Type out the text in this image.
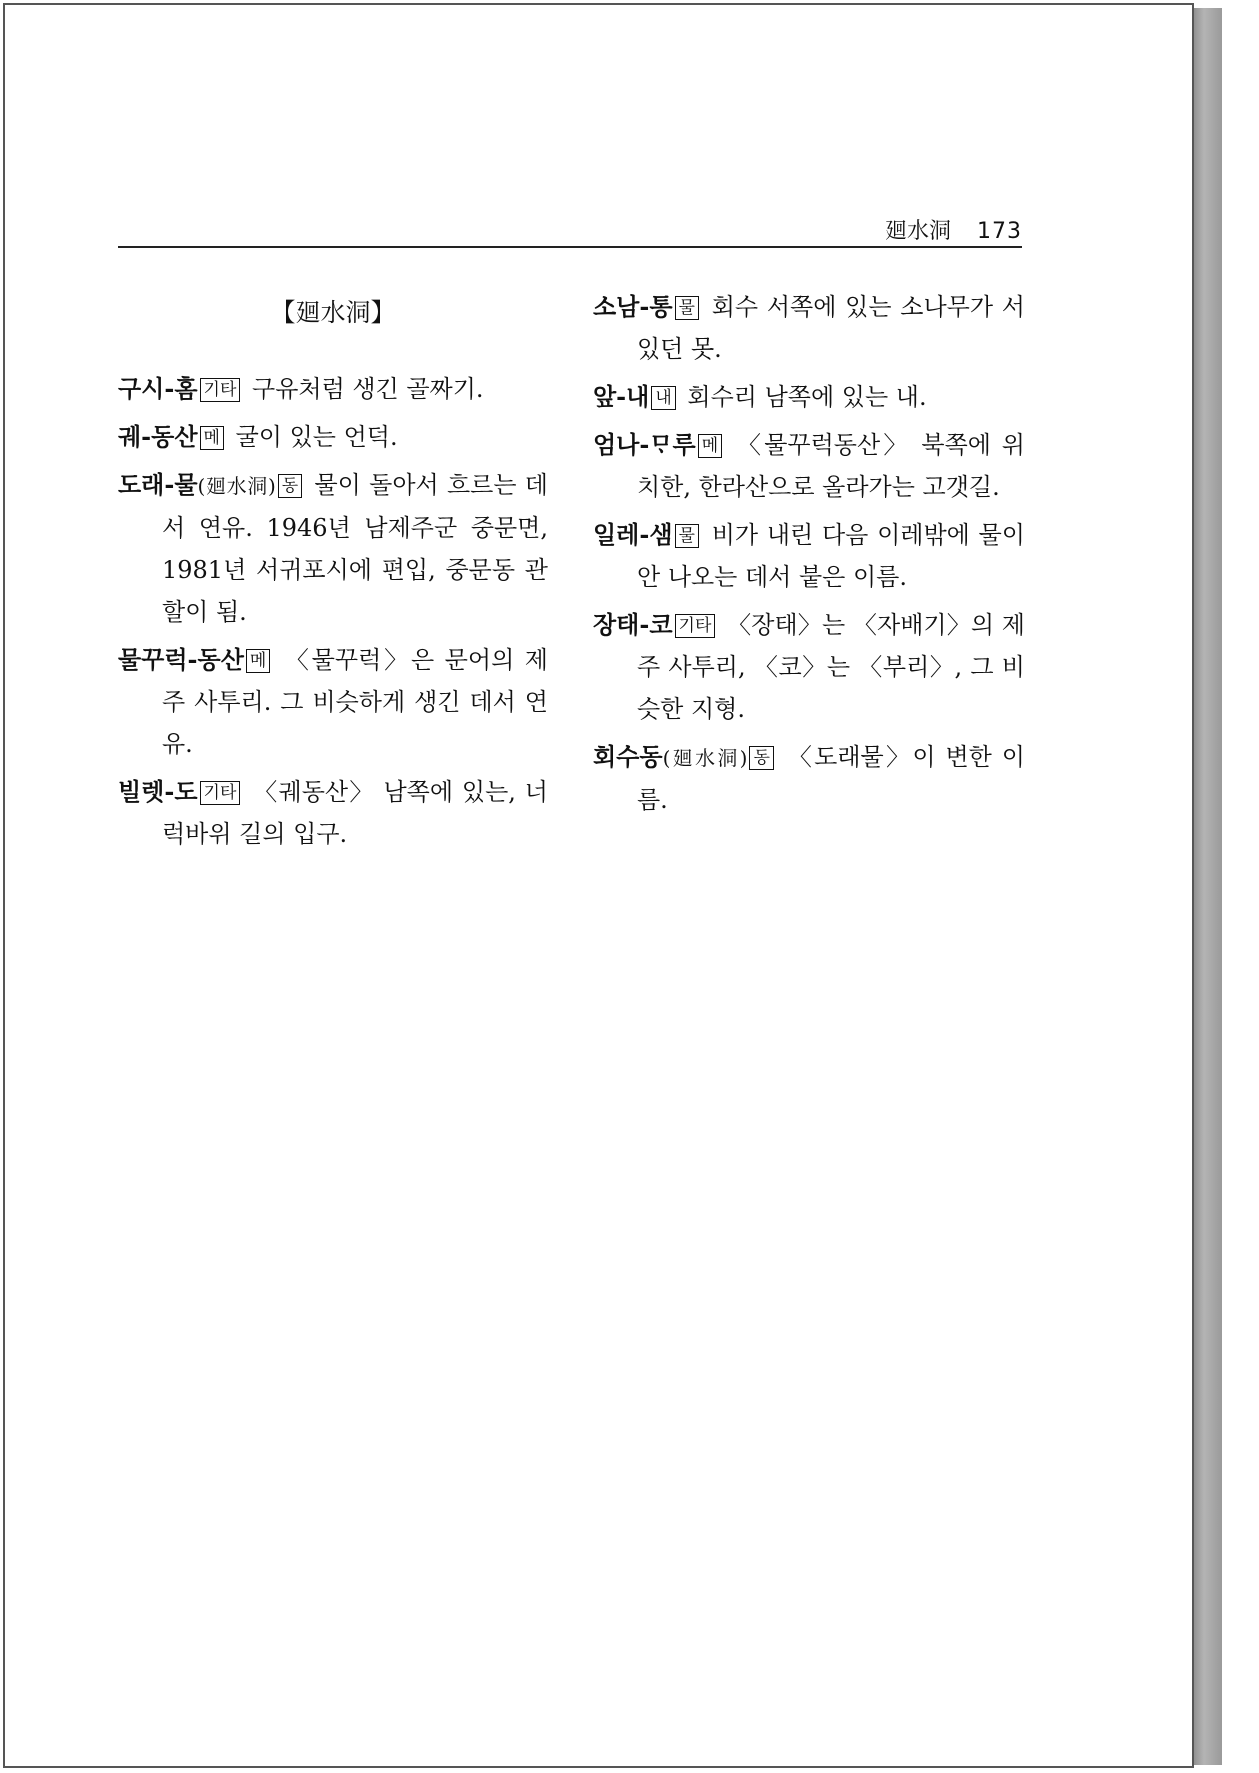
廻水洞 173
【廻水洞】
구시-홈 기타 구유처럼 생긴 골짜기.
궤-동산 메 굴이 있는 언덕.
도래-물(廻水洞) 동 물이 돌아서 흐르는 데서 연유. 1946년 남제주군 중문면, 1981년 서귀포시에 편입, 중문동 관할이 됨.
물꾸럭-동산 메 〈물꾸럭〉은 문어의 제주 사투리. 그 비슷하게 생긴 데서 연유.
빌렛-도 기타 〈궤동산〉 남쪽에 있는, 너럭바위 길의 입구.
소남-통 물 회수 서쪽에 있는 소나무가 서 있던 못.
앞-내 내 회수리 남쪽에 있는 내.
엄나-ᄆᆞ루 메 〈물꾸럭동산〉 북쪽에 위치한, 한라산으로 올라가는 고갯길.
일레-샘 물 비가 내린 다음 이레밖에 물이 안 나오는 데서 붙은 이름.
장태-코 기타 〈장태〉는 〈자배기〉의 제주 사투리, 〈코〉는 〈부리〉, 그 비슷한 지형.
회수동(廻水洞) 동 〈도래물〉이 변한 이름.
